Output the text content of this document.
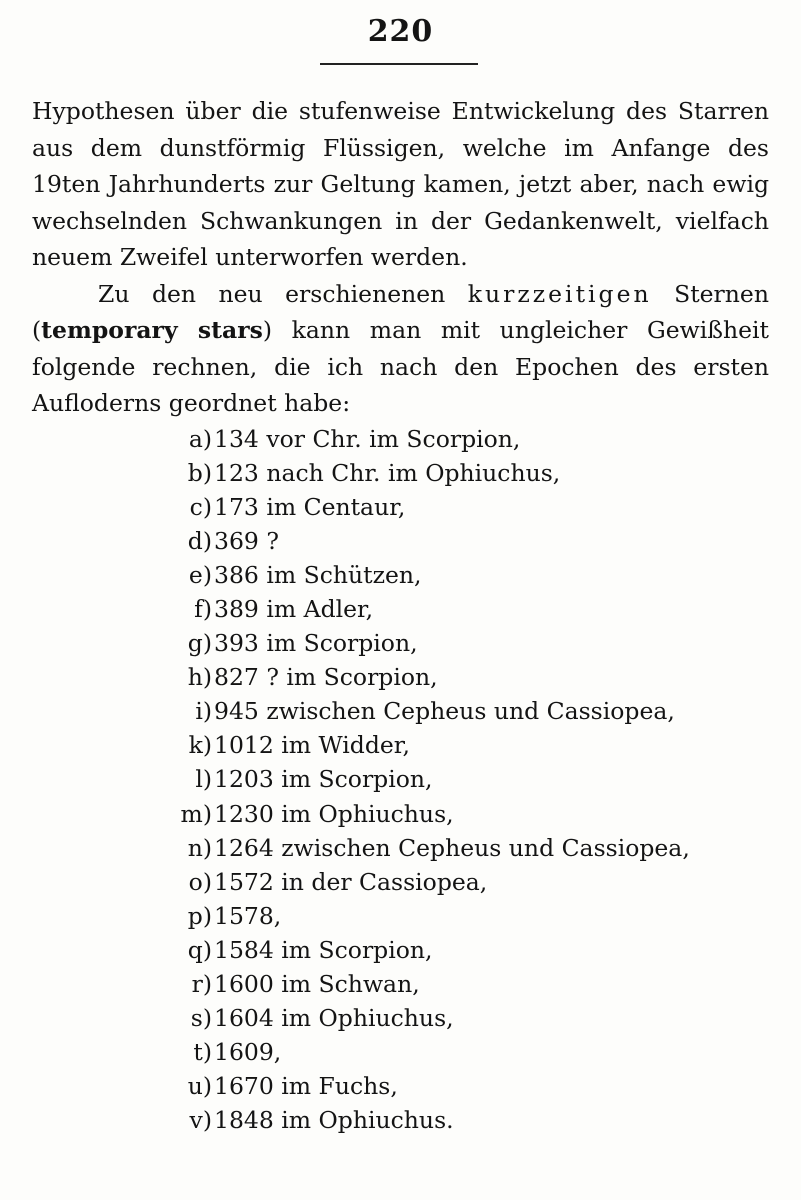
220

Hypothesen über die stufenweise Entwickelung des Starren aus dem dunstförmig Flüssigen, welche im Anfange des 19ten Jahrhunderts zur Geltung kamen, jetzt aber, nach ewig wechselnden Schwankungen in der Gedankenwelt, vielfach neuem Zweifel unterworfen werden.

Zu den neu erschienenen kurzzeitigen Sternen (temporary stars) kann man mit ungleicher Gewißheit folgende rechnen, die ich nach den Epochen des ersten Aufloderns geordnet habe:

a) 134 vor Chr. im Scorpion,
b) 123 nach Chr. im Ophiuchus,
c) 173 im Centaur,
d) 369 ?
e) 386 im Schützen,
f) 389 im Adler,
g) 393 im Scorpion,
h) 827 ? im Scorpion,
i) 945 zwischen Cepheus und Cassiopea,
k) 1012 im Widder,
l) 1203 im Scorpion,
m) 1230 im Ophiuchus,
n) 1264 zwischen Cepheus und Cassiopea,
o) 1572 in der Cassiopea,
p) 1578,
q) 1584 im Scorpion,
r) 1600 im Schwan,
s) 1604 im Ophiuchus,
t) 1609,
u) 1670 im Fuchs,
v) 1848 im Ophiuchus.
